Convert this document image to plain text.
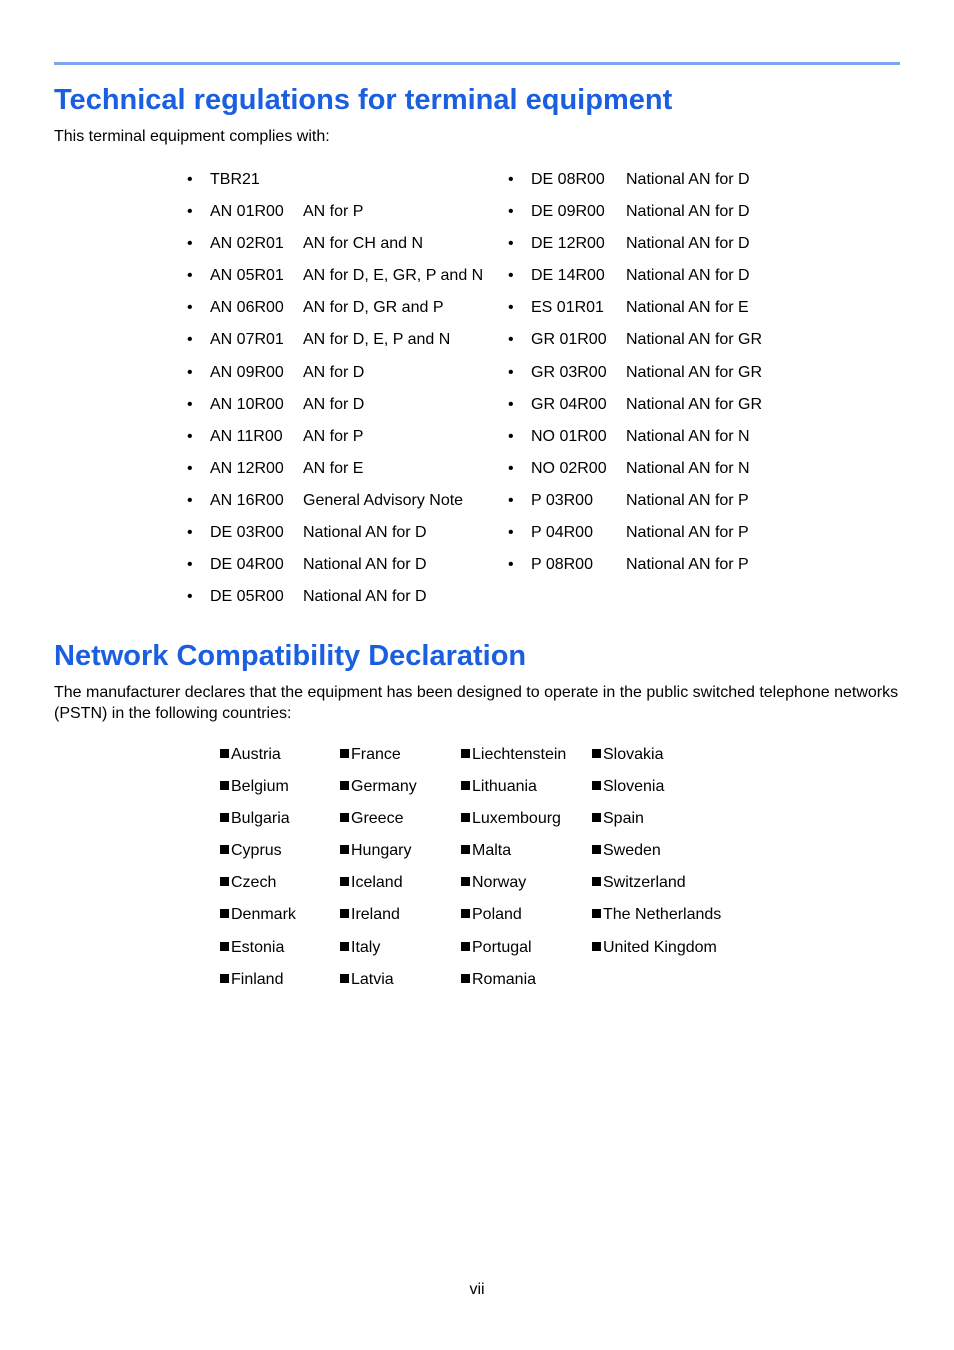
Technical regulations for terminal equipment

This terminal equipment complies with:

• TBR21
• AN 01R00 AN for P
• AN 02R01 AN for CH and N
• AN 05R01 AN for D, E, GR, P and N
• AN 06R00 AN for D, GR and P
• AN 07R01 AN for D, E, P and N
• AN 09R00 AN for D
• AN 10R00 AN for D
• AN 11R00 AN for P
• AN 12R00 AN for E
• AN 16R00 General Advisory Note
• DE 03R00 National AN for D
• DE 04R00 National AN for D
• DE 05R00 National AN for D
• DE 08R00 National AN for D
• DE 09R00 National AN for D
• DE 12R00 National AN for D
• DE 14R00 National AN for D
• ES 01R01 National AN for E
• GR 01R00 National AN for GR
• GR 03R00 National AN for GR
• GR 04R00 National AN for GR
• NO 01R00 National AN for N
• NO 02R00 National AN for N
• P 03R00 National AN for P
• P 04R00 National AN for P
• P 08R00 National AN for P
Network Compatibility Declaration

The manufacturer declares that the equipment has been designed to operate in the public switched telephone networks
(PSTN) in the following countries:

Austria
Belgium
Bulgaria
Cyprus
Czech
Denmark
Estonia
Finland
France
Germany
Greece
Hungary
Iceland
Ireland
Italy
Latvia
Liechtenstein
Lithuania
Luxembourg
Malta
Norway
Poland
Portugal
Romania
Slovakia
Slovenia
Spain
Sweden
Switzerland
The Netherlands
United Kingdom
vii
